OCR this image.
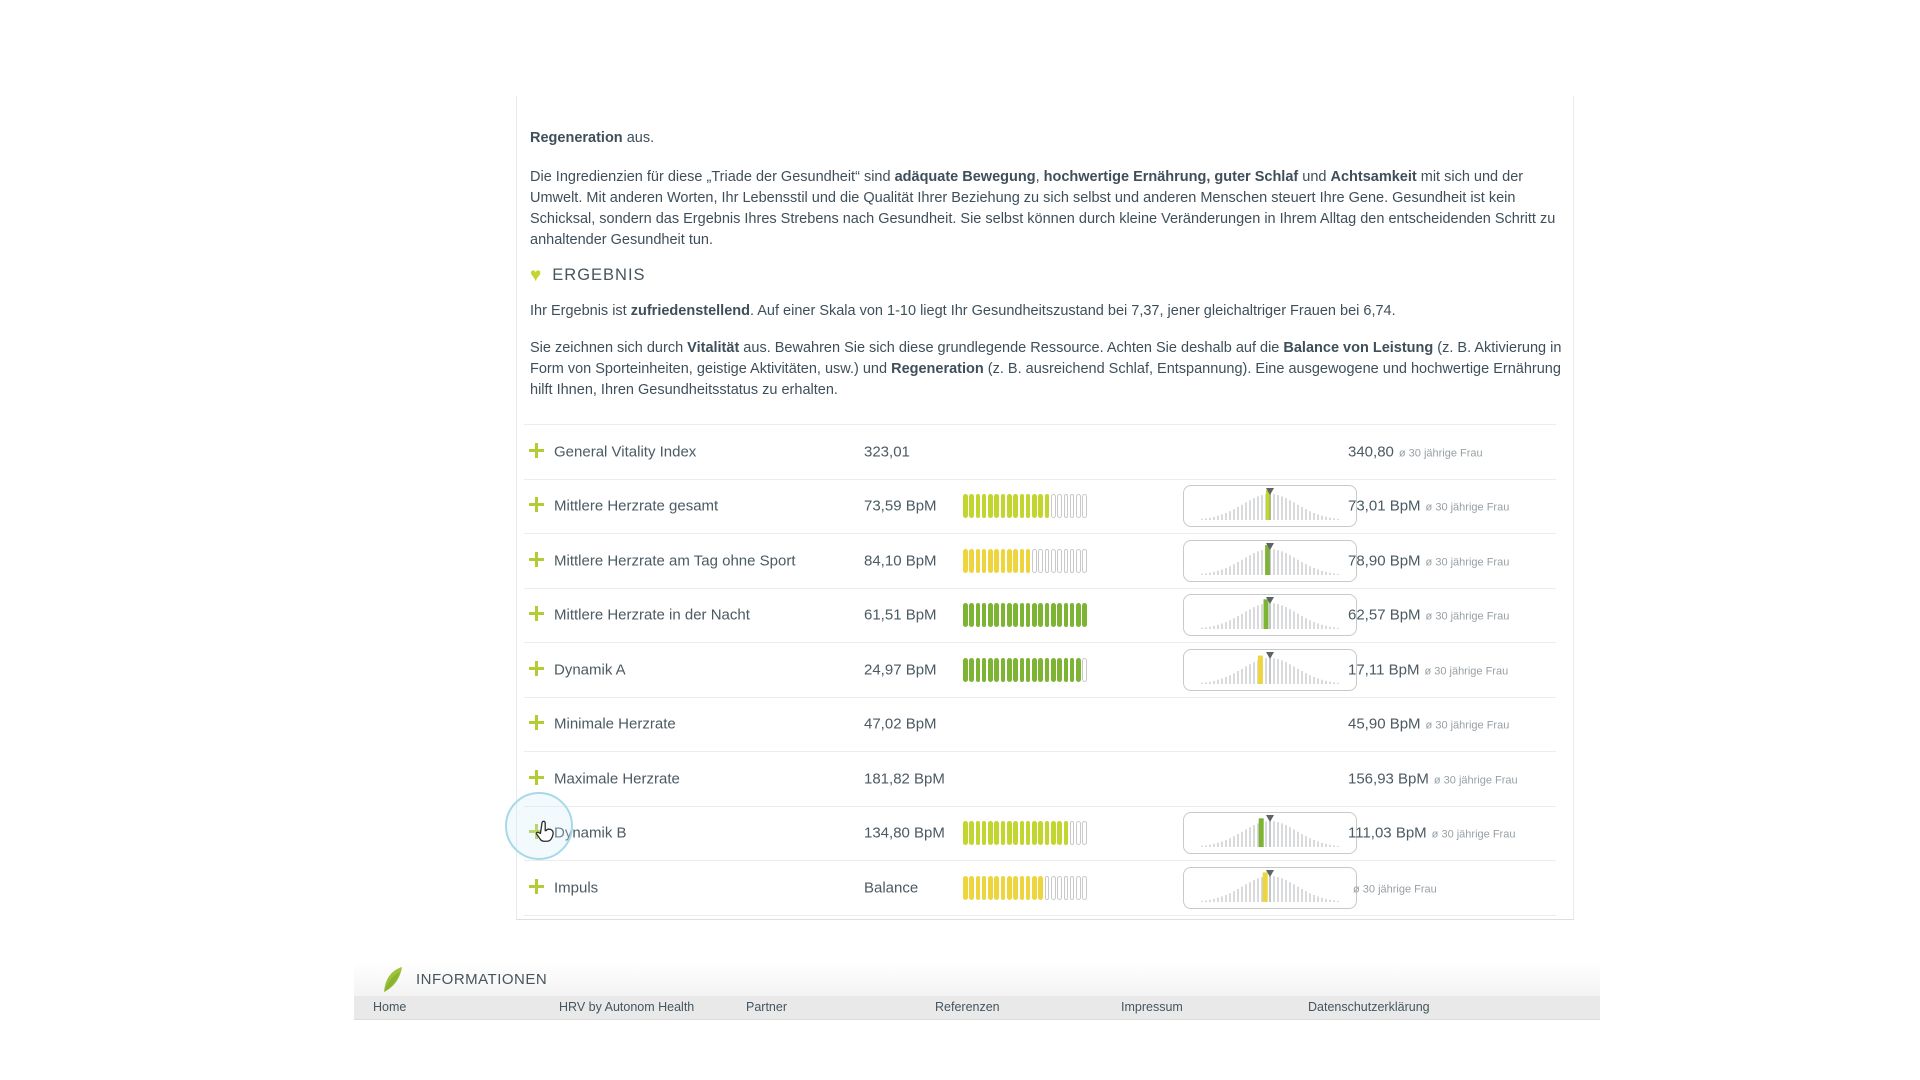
Regeneration aus.

Die Ingredienzien für diese „Triade der Gesundheit“ sind adäquate Bewegung, hochwertige Ernährung, guter Schlaf und Achtsamkeit mit sich und der Umwelt. Mit anderen Worten, Ihr Lebensstil und die Qualität Ihrer Beziehung zu sich selbst und anderen Menschen steuert Ihre Gene. Gesundheit ist kein Schicksal, sondern das Ergebnis Ihres Strebens nach Gesundheit. Sie selbst können durch kleine Veränderungen in Ihrem Alltag den entscheidenden Schritt zu anhaltender Gesundheit tun.

♥ ERGEBNIS

Ihr Ergebnis ist zufriedenstellend. Auf einer Skala von 1-10 liegt Ihr Gesundheitszustand bei 7,37, jener gleichaltriger Frauen bei 6,74.

Sie zeichnen sich durch Vitalität aus. Bewahren Sie sich diese grundlegende Ressource. Achten Sie deshalb auf die Balance von Leistung (z. B. Aktivierung in Form von Sporteinheiten, geistige Aktivitäten, usw.) und Regeneration (z. B. ausreichend Schlaf, Entspannung). Eine ausgewogene und hochwertige Ernährung hilft Ihnen, Ihren Gesundheitsstatus zu erhalten.

General Vitality Index	323,01	340,80 ø 30 jährige Frau
Mittlere Herzrate gesamt	73,59 BpM	73,01 BpM ø 30 jährige Frau
Mittlere Herzrate am Tag ohne Sport	84,10 BpM	78,90 BpM ø 30 jährige Frau
Mittlere Herzrate in der Nacht	61,51 BpM	62,57 BpM ø 30 jährige Frau
Dynamik A	24,97 BpM	17,11 BpM ø 30 jährige Frau
Minimale Herzrate	47,02 BpM	45,90 BpM ø 30 jährige Frau
Maximale Herzrate	181,82 BpM	156,93 BpM ø 30 jährige Frau
Dynamik B	134,80 BpM	111,03 BpM ø 30 jährige Frau
Impuls	Balance	ø 30 jährige Frau
INFORMATIONEN
Home	HRV by Autonom Health	Partner	Referenzen	Impressum	Datenschutzerklärung
